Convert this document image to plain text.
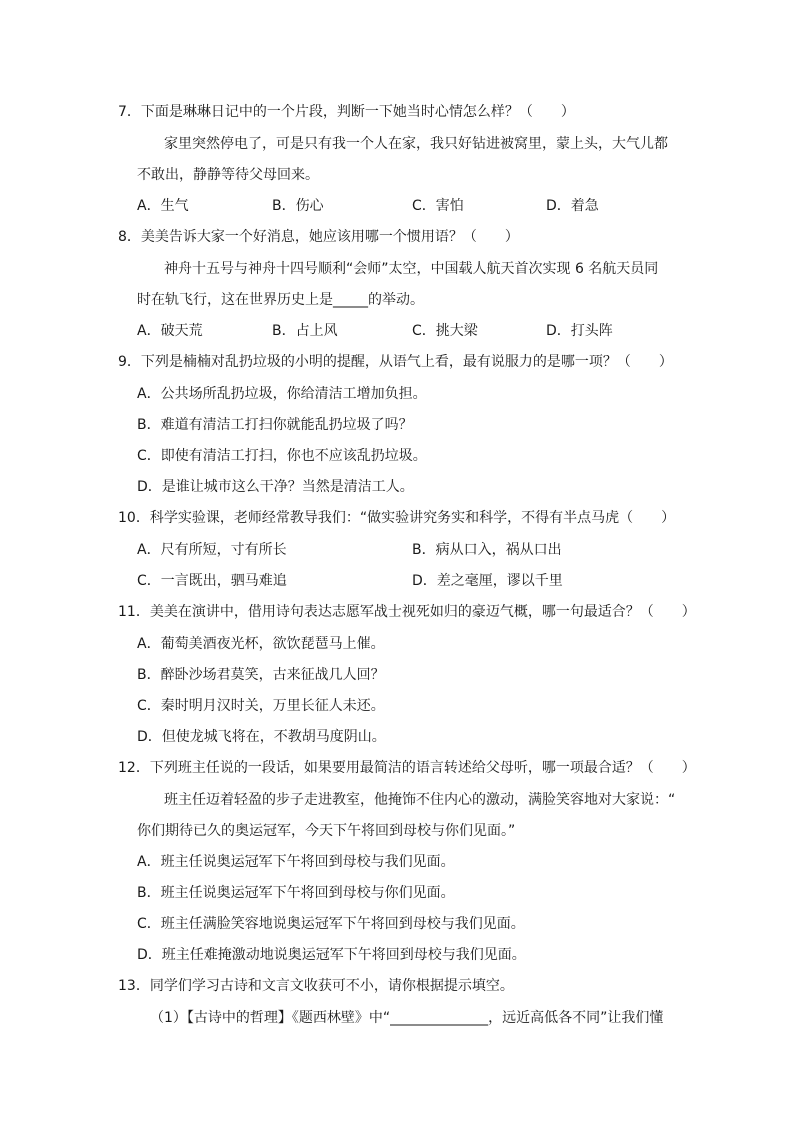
7．下面是琳琳日记中的一个片段，判断一下她当时心情怎么样？（　　）
家里突然停电了，可是只有我一个人在家，我只好钻进被窝里，蒙上头，大气儿都
不敢出，静静等待父母回来。
A．生气	B．伤心	C．害怕	D．着急
8．美美告诉大家一个好消息，她应该用哪一个惯用语？（　　）
神舟十五号与神舟十四号顺利“会师”太空，中国载人航天首次实现 6 名航天员同
时在轨飞行，这在世界历史上是_____的举动。
A．破天荒	B．占上风	C．挑大梁	D．打头阵
9．下列是楠楠对乱扔垃圾的小明的提醒，从语气上看，最有说服力的是哪一项？（　　）
A．公共场所乱扔垃圾，你给清洁工增加负担。
B．难道有清洁工打扫你就能乱扔垃圾了吗？
C．即使有清洁工打扫，你也不应该乱扔垃圾。
D．是谁让城市这么干净？当然是清洁工人。
10．科学实验课，老师经常教导我们：“做实验讲究务实和科学，不得有半点马虎（　　）
A．尺有所短，寸有所长	B．病从口入，祸从口出
C．一言既出，驷马难追	D．差之毫厘，谬以千里
11．美美在演讲中，借用诗句表达志愿军战士视死如归的豪迈气概，哪一句最适合？（　　）
A．葡萄美酒夜光杯，欲饮琵琶马上催。
B．醉卧沙场君莫笑，古来征战几人回？
C．秦时明月汉时关，万里长征人未还。
D．但使龙城飞将在，不教胡马度阴山。
12．下列班主任说的一段话，如果要用最简洁的语言转述给父母听，哪一项最合适？（　　）
班主任迈着轻盈的步子走进教室，他掩饰不住内心的激动，满脸笑容地对大家说：“
你们期待已久的奥运冠军，今天下午将回到母校与你们见面。”
A．班主任说奥运冠军下午将回到母校与我们见面。
B．班主任说奥运冠军下午将回到母校与你们见面。
C．班主任满脸笑容地说奥运冠军下午将回到母校与我们见面。
D．班主任难掩激动地说奥运冠军下午将回到母校与我们见面。
13．同学们学习古诗和文言文收获可不小，请你根据提示填空。
（1）【古诗中的哲理】《题西林壁》中“______________，远近高低各不同”让我们懂
